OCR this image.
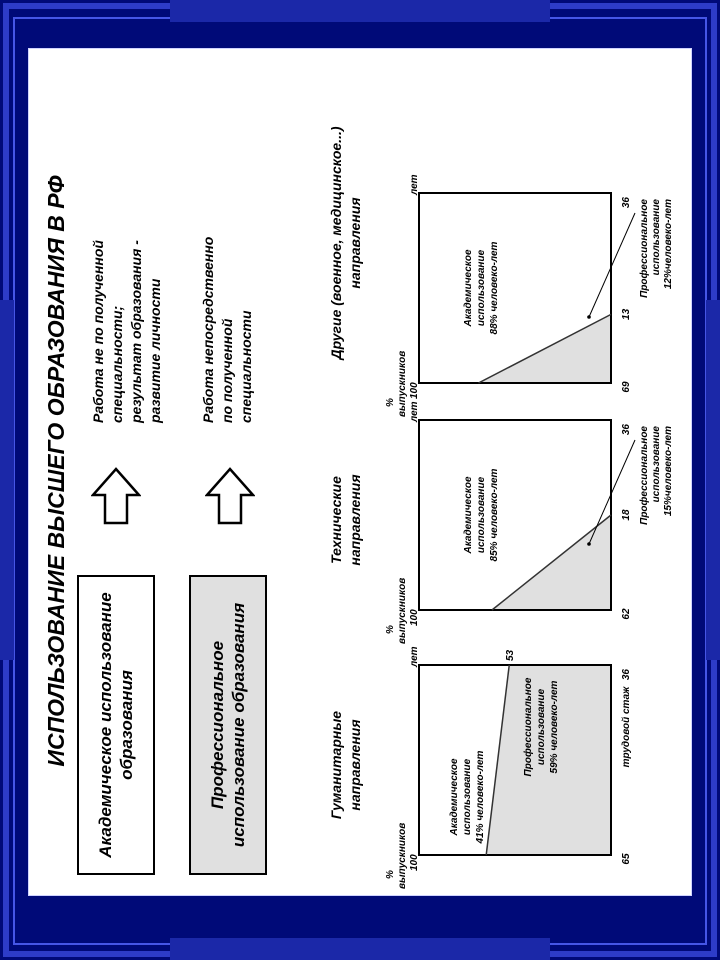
ИСПОЛЬЗОВАНИЕ ВЫСШЕГО ОБРАЗОВАНИЯ В РФ	Академическое использование образования	Профессиональное использование образования
Работа не по полученной специальности; результат образования - развитие личности	Работа непосредственно по полученной специальности
Гуманитарные направления
Технические направления
Другие (военное, медицинское...) направления
% выпускников 100
лет
36
65
53
Академическое использование 41% человеко-лет
Профессиональное использование 59% человеко-лет	трудовой стаж
% выпускников 100
лет
36
62
18
Академическое использование 85% человеко-лет	Профессиональное использование 15%человеко-лет
% выпускников 100
лет
36
69
13
Академическое использование 88% человеко-лет	Профессиональное использование 12%человеко-лет
